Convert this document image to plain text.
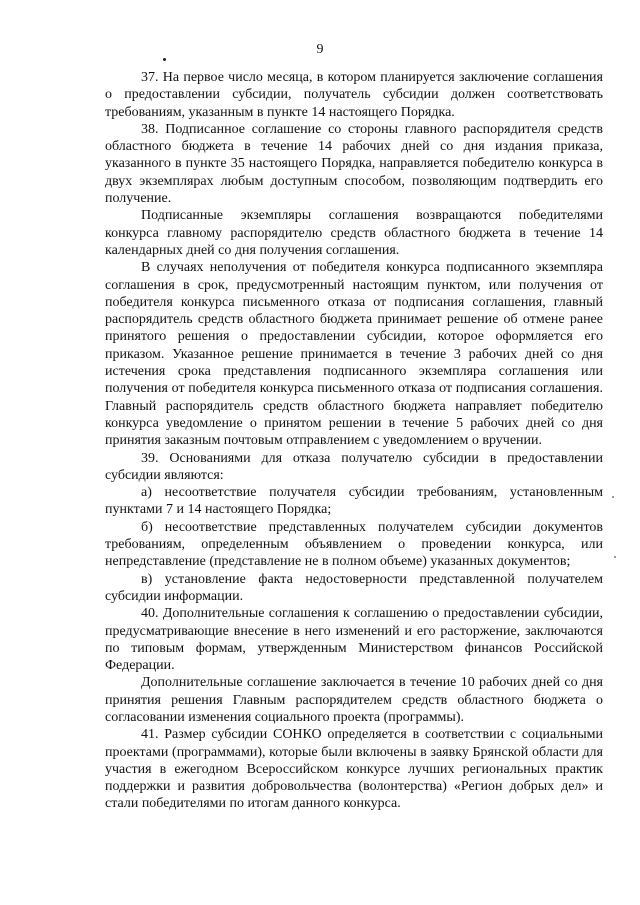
9

37. На первое число месяца, в котором планируется заключение соглашения о предоставлении субсидии, получатель субсидии должен соответствовать требованиям, указанным в пункте 14 настоящего Порядка.

38. Подписанное соглашение со стороны главного распорядителя средств областного бюджета в течение 14 рабочих дней со дня издания приказа, указанного в пункте 35 настоящего Порядка, направляется победителю конкурса в двух экземплярах любым доступным способом, позволяющим подтвердить его получение.

Подписанные экземпляры соглашения возвращаются победителями конкурса главному распорядителю средств областного бюджета в течение 14 календарных дней со дня получения соглашения.

В случаях неполучения от победителя конкурса подписанного экземпляра соглашения в срок, предусмотренный настоящим пунктом, или получения от победителя конкурса письменного отказа от подписания соглашения, главный распорядитель средств областного бюджета принимает решение об отмене ранее принятого решения о предоставлении субсидии, которое оформляется его приказом. Указанное решение принимается в течение 3 рабочих дней со дня истечения срока представления подписанного экземпляра соглашения или получения от победителя конкурса письменного отказа от подписания соглашения. Главный распорядитель средств областного бюджета направляет победителю конкурса уведомление о принятом решении в течение 5 рабочих дней со дня принятия заказным почтовым отправлением с уведомлением о вручении.

39. Основаниями для отказа получателю субсидии в предоставлении субсидии являются:

а) несоответствие получателя субсидии требованиям, установленным пунктами 7 и 14 настоящего Порядка;

б) несоответствие представленных получателем субсидии документов требованиям, определенным объявлением о проведении конкурса, или непредставление (представление не в полном объеме) указанных документов;

в) установление факта недостоверности представленной получателем субсидии информации.

40. Дополнительные соглашения к соглашению о предоставлении субсидии, предусматривающие внесение в него изменений и его расторжение, заключаются по типовым формам, утвержденным Министерством финансов Российской Федерации.

Дополнительные соглашение заключается в течение 10 рабочих дней со дня принятия решения Главным распорядителем средств областного бюджета о согласовании изменения социального проекта (программы).

41. Размер субсидии СОНКО определяется в соответствии с социальными проектами (программами), которые были включены в заявку Брянской области для участия в ежегодном Всероссийском конкурсе лучших региональных практик поддержки и развития добровольчества (волонтерства) «Регион добрых дел» и стали победителями по итогам данного конкурса.
